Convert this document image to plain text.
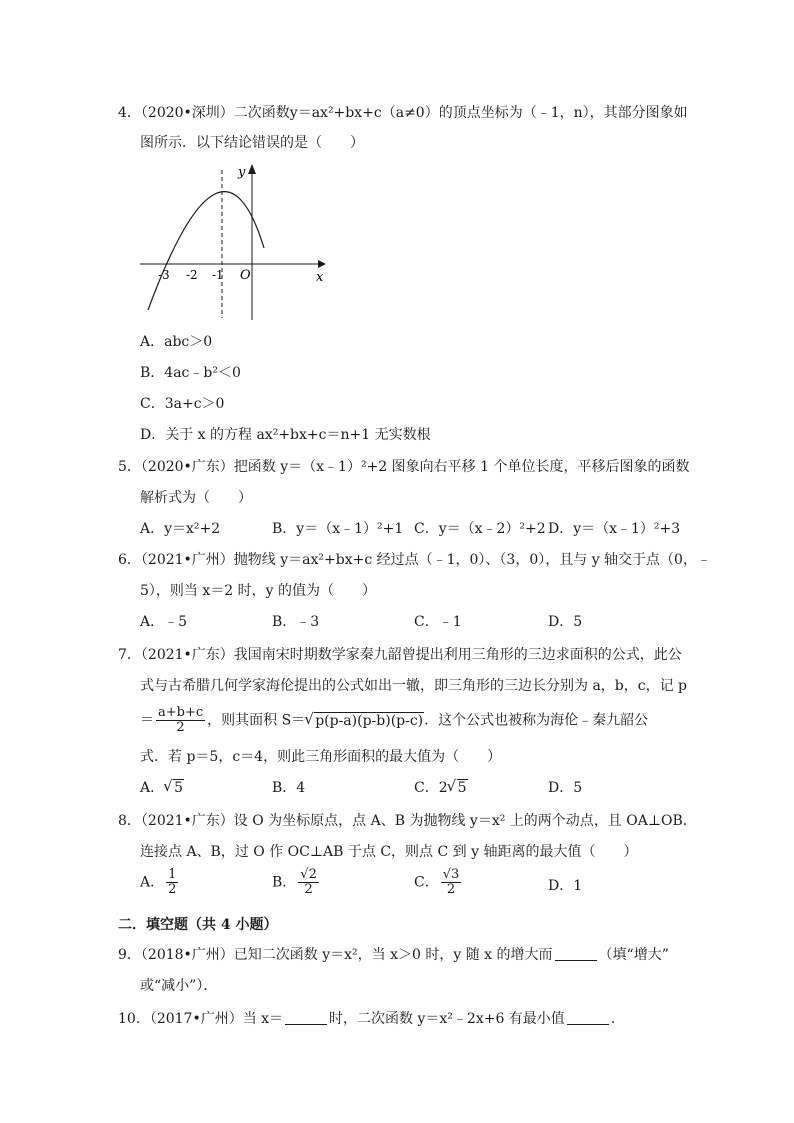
4．（2020•深圳）二次函数y＝ax²+bx+c（a≠0）的顶点坐标为（﹣1，n），其部分图象如
图所示．以下结论错误的是（　　）
-3 -2 -1 O	x
y
A．abc＞0
B．4ac﹣b²＜0
C．3a+c＞0
D．关于 x 的方程 ax²+bx+c＝n+1 无实数根
5．（2020•广东）把函数 y＝（x﹣1）²+2 图象向右平移 1 个单位长度，平移后图象的函数
解析式为（　　）
A．y＝x²+2	B．y＝（x﹣1）²+1 C．y＝（x﹣2）²+2 D．y＝（x﹣1）²+3
6．（2021•广州）抛物线 y＝ax²+bx+c 经过点（﹣1，0）、（3，0），且与 y 轴交于点（0，﹣
5），则当 x＝2 时，y 的值为（　　）
A．﹣5	B．﹣3	C．﹣1	D．5
7．（2021•广东）我国南宋时期数学家秦九韶曾提出利用三角形的三边求面积的公式，此公
式与古希腊几何学家海伦提出的公式如出一辙，即三角形的三边长分别为 a，b，c，记 p
＝ $\frac{a+b+c}{2}$ ，则其面积 S＝ √ p(p-a)(p-b)(p-c)．这个公式也被称为海伦﹣秦九韶公
式．若 p＝5，c＝4，则此三角形面积的最大值为（　　）
A． √ 5	B．4	C．2 √ 5	D．5
8．（2021•广东）设 O 为坐标原点，点 A、B 为抛物线 y＝x² 上的两个动点，且 OA⊥OB．
连接点 A、B，过 O 作 OC⊥AB 于点 C，则点 C 到 y 轴距离的最大值（　　）
A． $\frac{1}{2}$	B． $\frac{√2}{2}$	C． $\frac{√3}{2}$	D．1
二．填空题（共 4 小题）
9．（2018•广州）已知二次函数 y＝x²，当 x＞0 时，y 随 x 的增大而	（填“增大”
或“减小”）．
10．（2017•广州）当 x＝	时，二次函数 y＝x²﹣2x+6 有最小值	．
